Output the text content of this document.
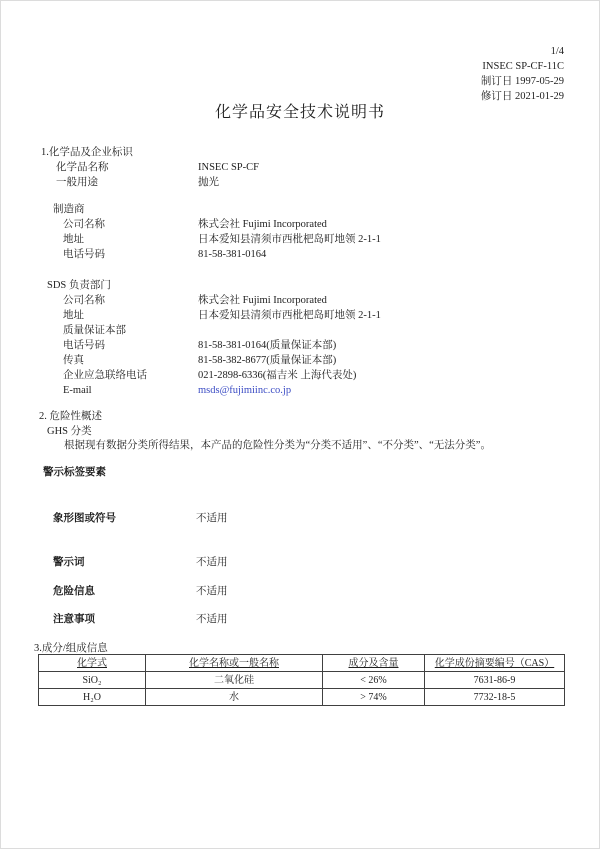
1/4
INSEC SP-CF-11C
制订日 1997-05-29
修订日 2021-01-29
化学品安全技术说明书
1.化学品及企业标识
化学品名称	INSEC SP-CF
一般用途	抛光
制造商
公司名称	株式会社 Fujimi Incorporated
地址	日本爱知县清须市西枇杷岛町地领 2-1-1
电话号码	81-58-381-0164
SDS 负责部门
公司名称	株式会社 Fujimi Incorporated
地址	日本爱知县清须市西枇杷岛町地领 2-1-1
质量保证本部
电话号码	81-58-381-0164(质量保证本部)
传真	81-58-382-8677(质量保证本部)
企业应急联络电话	021-2898-6336(福吉米 上海代表处)
E-mail	msds@fujimiinc.co.jp
2. 危险性概述
GHS 分类
根据现有数据分类所得结果，本产品的危险性分类为“分类不适用”、“不分类”、“无法分类”。
警示标签要素
象形图或符号	不适用
警示词	不适用
危险信息	不适用
注意事项	不适用
3.成分/组成信息
化学式	化学名称或一般名称	成分及含量	化学成份摘要编号（CAS）
SiO₂	二氧化硅	< 26%	7631-86-9
H₂O	水	> 74%	7732-18-5
